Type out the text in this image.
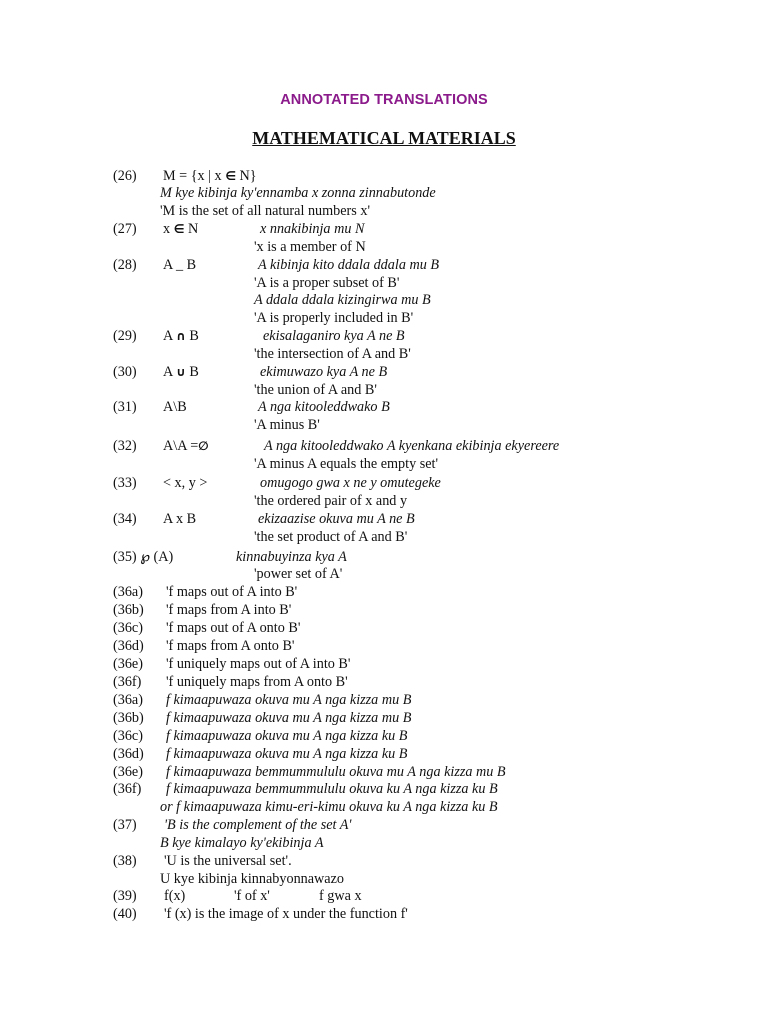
ANNOTATED TRANSLATIONS
MATHEMATICAL MATERIALS
(26) M = {x | x ∈ N}
M kye kibinja ky'ennamba x zonna zinnabutonde
'M is the set of all natural numbers x'
(27) x ∈ N	x nnakibinja mu N
'x is a member of N
(28) A _ B	A kibinja kito ddala ddala mu B
'A is a proper subset of B'
A ddala ddala kizingirwa mu B
'A is properly included in B'
(29) A ∩ B	ekisalaganiro kya A ne B
'the intersection of A and B'
(30) A ∪ B	ekimuwazo kya A ne B
'the union of A and B'
(31) A\B	A nga kitooleddwako B
'A minus B'
(32) A\A =∅	A nga kitooleddwako A kyenkana ekibinja ekyereere
'A minus A equals the empty set'
(33) < x, y >	omugogo gwa x ne y omutegeke
'the ordered pair of x and y
(34) A x B	ekizaazise okuva mu A ne B
'the set product of A and B'
(35) ℘ (A)	kinnabuyinza kya A
'power set of A'
(36a) 'f maps out of A into B'
(36b) 'f maps from A into B'
(36c) 'f maps out of A onto B'
(36d) 'f maps from A onto B'
(36e) 'f uniquely maps out of A into B'
(36f) 'f uniquely maps from A onto B'
(36a) f kimaapuwaza okuva mu A nga kizza mu B
(36b) f kimaapuwaza okuva mu A nga kizza mu B
(36c) f kimaapuwaza okuva mu A nga kizza ku B
(36d) f kimaapuwaza okuva mu A nga kizza ku B
(36e) f kimaapuwaza bemmummululu okuva mu A nga kizza mu B
(36f) f kimaapuwaza bemmummululu okuva ku A nga kizza ku B
or f kimaapuwaza kimu-eri-kimu okuva ku A nga kizza ku B
(37) 'B is the complement of the set A'
B kye kimalayo ky'ekibinja A
(38) 'U is the universal set'.
U kye kibinja kinnabyonnawazo
(39) f(x)	'f of x'	f gwa x
(40) 'f (x) is the image of x under the function f'
